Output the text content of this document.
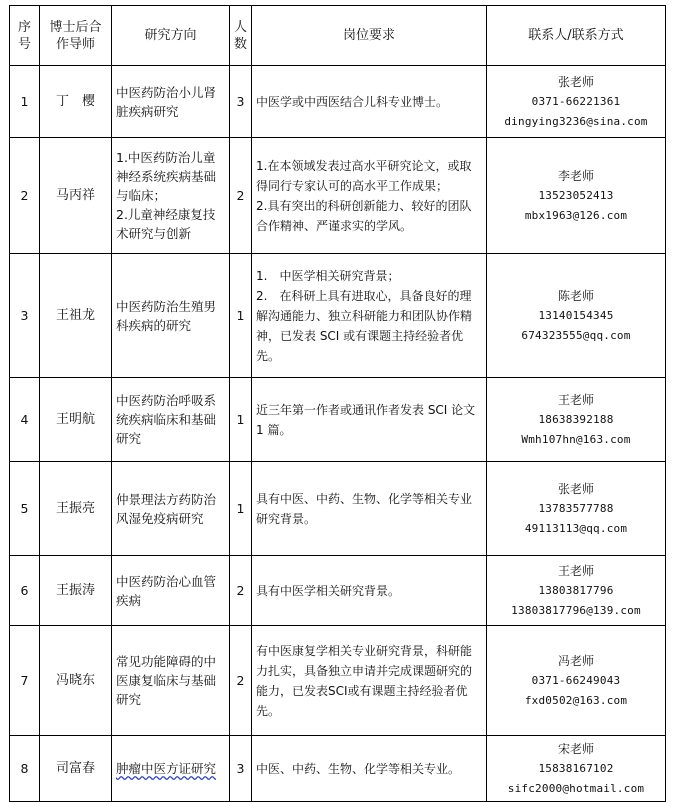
序号	博士后合作导师	研究方向	人数	岗位要求	联系人/联系方式
1	丁　樱	中医药防治小儿肾脏疾病研究	3	中医学或中西医结合儿科专业博士。	张老师
0371-66221361
dingying3236@sina.com

2	马丙祥	1.中医药防治儿童神经系统疾病基础与临床；
2.儿童神经康复技术研究与创新	2	1.在本领域发表过高水平研究论文，或取得同行专家认可的高水平工作成果；
2.具有突出的科研创新能力、较好的团队合作精神、严谨求实的学风。	李老师
13523052413
mbx1963@126.com

3	王祖龙	中医药防治生殖男科疾病的研究	1	1.　中医学相关研究背景；
2.　在科研上具有进取心，具备良好的理解沟通能力、独立科研能力和团队协作精神，已发表 SCI 或有课题主持经验者优先。	陈老师
13140154345
674323555@qq.com

4	王明航	中医药防治呼吸系统疾病临床和基础研究	1	近三年第一作者或通讯作者发表 SCI 论文 1 篇。	王老师
18638392188
Wmh107hn@163.com

5	王振亮	仲景理法方药防治风湿免疫病研究	1	具有中医、中药、生物、化学等相关专业研究背景。	张老师
13783577788
49113113@qq.com

6	王振涛	中医药防治心血管疾病	2	具有中医学相关研究背景。	王老师
13803817796
13803817796@139.com

7	冯晓东	常见功能障碍的中医康复临床与基础研究	2	有中医康复学相关专业研究背景，科研能力扎实，具备独立申请并完成课题研究的能力，已发表SCI或有课题主持经验者优先。	冯老师
0371-66249043
fxd0502@163.com

8	司富春	肿瘤中医方证研究	3	中医、中药、生物、化学等相关专业。	宋老师
15838167102
sifc2000@hotmail.com
